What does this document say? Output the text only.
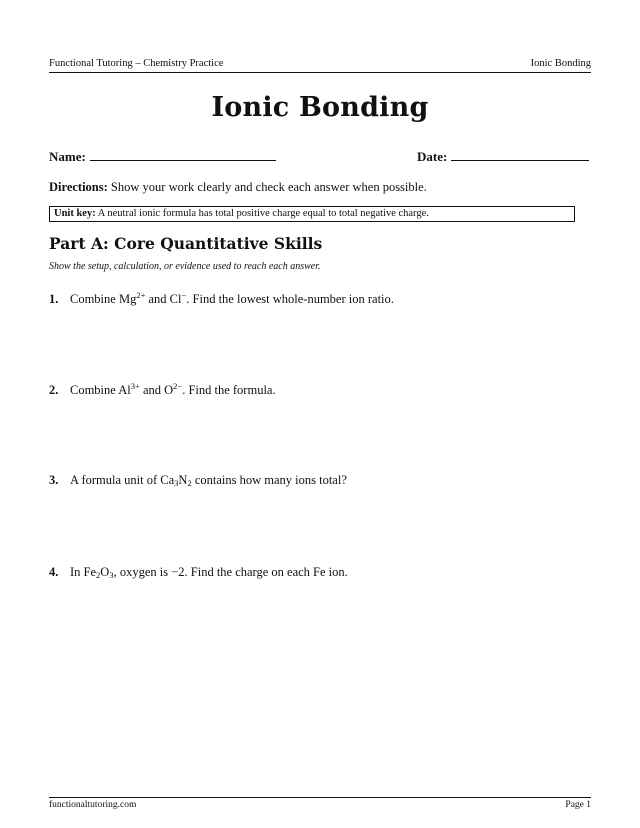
Functional Tutoring – Chemistry Practice	Ionic Bonding
Ionic Bonding
Name:	Date:
Directions: Show your work clearly and check each answer when possible.
Unit key: A neutral ionic formula has total positive charge equal to total negative charge.
Part A: Core Quantitative Skills
Show the setup, calculation, or evidence used to reach each answer.
1. Combine $Mg^{2+}$ and Cl−. Find the lowest whole-number ion ratio.
2. Combine $Al^{3+}$ and $O^{2-}$. Find the formula.
3. A formula unit of $Ca_3N_2$ contains how many ions total?
4. In $Fe_2O_3$, oxygen is −2. Find the charge on each Fe ion.
functionaltutoring.com	Page 1
